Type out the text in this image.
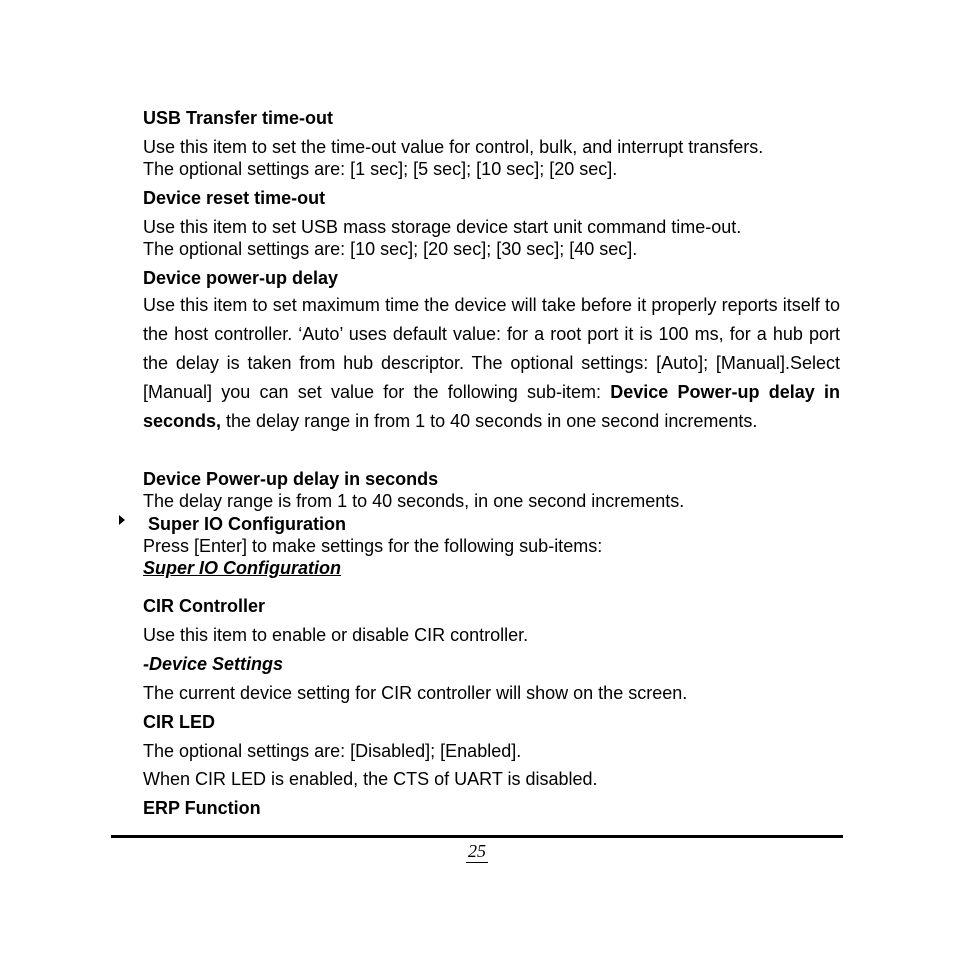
USB Transfer time-out
Use this item to set the time-out value for control, bulk, and interrupt transfers.
The optional settings are: [1 sec]; [5 sec]; [10 sec]; [20 sec].
Device reset time-out
Use this item to set USB mass storage device start unit command time-out.
The optional settings are: [10 sec]; [20 sec]; [30 sec]; [40 sec].
Device power-up delay

Use this item to set maximum time the device will take before it properly reports itself to the host controller. ‘Auto’ uses default value: for a root port it is 100 ms, for a hub port the delay is taken from hub descriptor. The optional settings: [Auto]; [Manual].Select [Manual] you can set value for the following sub-item: Device Power-up delay in seconds, the delay range in from 1 to 40 seconds in one second increments.

Device Power-up delay in seconds
The delay range is from 1 to 40 seconds, in one second increments.
Super IO Configuration
Press [Enter] to make settings for the following sub-items:
Super IO Configuration
CIR Controller
Use this item to enable or disable CIR controller.
-Device Settings
The current device setting for CIR controller will show on the screen.
CIR LED
The optional settings are: [Disabled]; [Enabled].
When CIR LED is enabled, the CTS of UART is disabled.
ERP Function
25
